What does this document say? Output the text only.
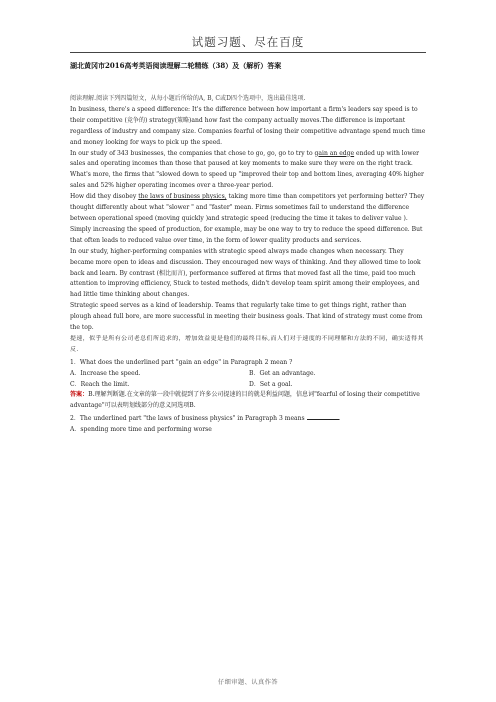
试题习题、尽在百度
湖北黄冈市2016高考英语阅读理解二轮精练（38）及（解析）答案

阅读理解.阅读下列四篇短文，从每小题后所给的A, B, C或D四个选项中，选出最佳选项.

In business, there's a speed difference: It's the difference between how important a firm's leaders say speed is to their competitive (竞争的) strategy(策略)and how fast the company actually moves.The difference is important regardless of industry and company size. Companies fearful of losing their competitive advantage spend much time and money looking for ways to pick up the speed.

In our study of 343 businesses, the companies that chose to go, go, go to try to gain an edge ended up with lower sales and operating incomes than those that paused at key moments to make sure they were on the right track. What's more, the firms that "slowed down to speed up "improved their top and bottom lines, averaging 40% higher sales and 52% higher operating incomes over a three-year period.

How did they disobey the laws of business physics, taking more time than competitors yet performing better? They thought differently about what "slower " and "faster" mean. Firms sometimes fail to understand the difference between operational speed (moving quickly )and strategic speed (reducing the time it takes to deliver value ). Simply increasing the speed of production, for example, may be one way to try to reduce the speed difference. But that often leads to reduced value over time, in the form of lower quality products and services.

In our study, higher-performing companies with strategic speed always made changes when necessary. They became more open to ideas and discussion. They encouraged new ways of thinking. And they allowed time to look back and learn. By contrast (相比而言), performance suffered at firms that moved fast all the time, paid too much attention to improving efficiency, Stuck to tested methods, didn't develop team spirit among their employees, and had little time thinking about changes.

Strategic speed serves as a kind of leadership. Teams that regularly take time to get things right, rather than plough ahead full bore, are more successful in meeting their business goals. That kind of strategy must come from the top.

提速，似乎是所有公司老总们所追求的，增加效益更是他们的最终目标,而人们对于速度的不同理解和方法的不同，确实适得其反.

1．What does the underlined part "gain an edge" in Paragraph 2 mean ?

A．Increase the speed.	B．Get an advantage.
C．Reach the limit.	D．Set a goal.

答案：B.理解判断题.在文章的第一段中就提到了许多公司提速的目的就是利益问题，信息词"fearful of losing their competitive advantage"可以表明划线部分的意义同选项B.

2．The underlined part "the laws of business physics" in Paragraph 3 means	.

A．spending more time and performing worse

仔细审题、认真作答
